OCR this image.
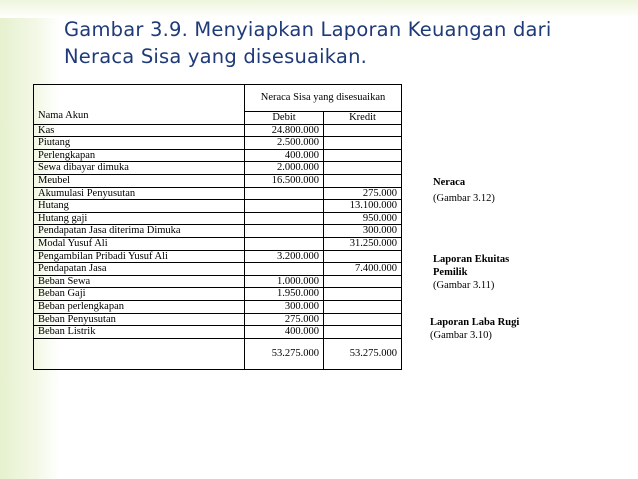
Gambar 3.9. Menyiapkan Laporan Keuangan dari
Neraca Sisa yang disesuaikan.
Nama Akun	Neraca Sisa yang disesuaikan	
	Debit	Kredit
Kas	24.800.000	
Piutang	2.500.000	
Perlengkapan	400.000	
Sewa dibayar dimuka	2.000.000	
Meubel	16.500.000	
Akumulasi Penyusutan		275.000
Hutang		13.100.000
Hutang gaji		950.000
Pendapatan Jasa diterima Dimuka		300.000
Modal Yusuf Ali		31.250.000
Pengambilan Pribadi Yusuf Ali	3.200.000	
Pendapatan Jasa		7.400.000
Beban Sewa	1.000.000	
Beban Gaji	1.950.000	
Beban perlengkapan	300.000	
Beban Penyusutan	275.000	
Beban Listrik	400.000	
	53.275.000	53.275.000
Neraca
(Gambar 3.12)
Laporan Ekuitas
Pemilik
(Gambar 3.11)
Laporan Laba Rugi
(Gambar 3.10)
